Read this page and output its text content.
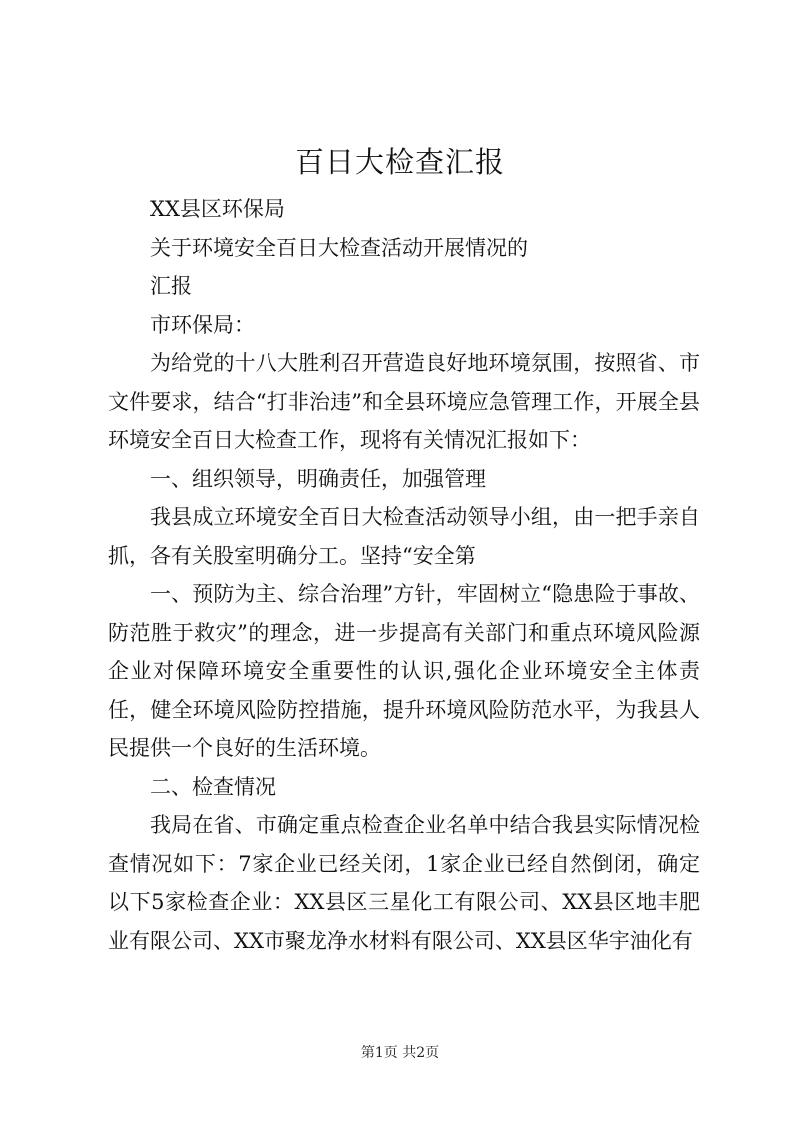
百日大检查汇报

XX县区环保局

关于环境安全百日大检查活动开展情况的

汇报

市环保局：

为给党的十八大胜利召开营造良好地环境氛围，按照省、市文件要求，结合“打非治违”和全县环境应急管理工作，开展全县环境安全百日大检查工作，现将有关情况汇报如下：

一、组织领导，明确责任，加强管理

我县成立环境安全百日大检查活动领导小组，由一把手亲自抓，各有关股室明确分工。坚持“安全第

一、预防为主、综合治理”方针，牢固树立“隐患险于事故、防范胜于救灾”的理念，进一步提高有关部门和重点环境风险源企业对保障环境安全重要性的认识,强化企业环境安全主体责任，健全环境风险防控措施，提升环境风险防范水平，为我县人民提供一个良好的生活环境。

二、检查情况

我局在省、市确定重点检查企业名单中结合我县实际情况检查情况如下：7家企业已经关闭，1家企业已经自然倒闭，确定以下5家检查企业：XX县区三星化工有限公司、XX县区地丰肥业有限公司、XX市聚龙净水材料有限公司、XX县区华宇油化有

第1页 共2页
